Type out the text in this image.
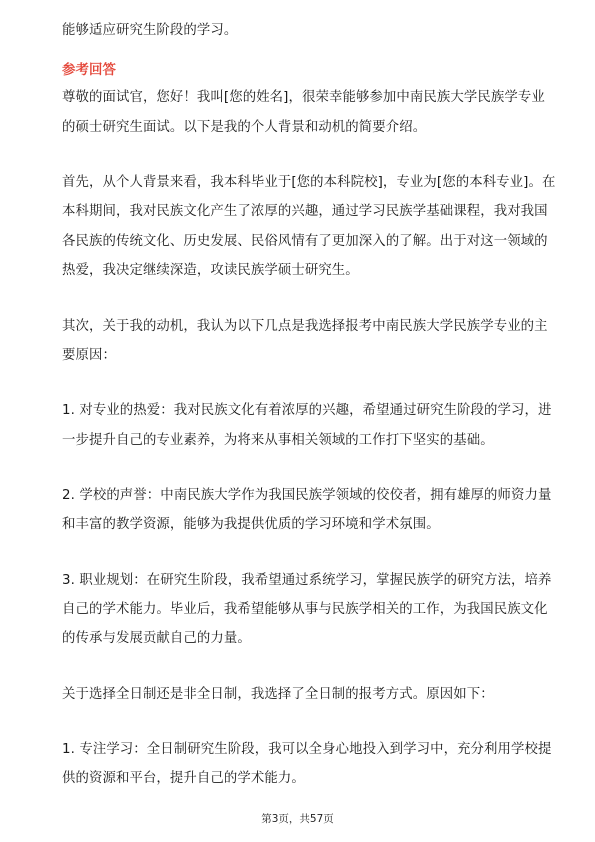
能够适应研究生阶段的学习。
参考回答
尊敬的面试官，您好！我叫[您的姓名]，很荣幸能够参加中南民族大学民族学专业
的硕士研究生面试。以下是我的个人背景和动机的简要介绍。
首先，从个人背景来看，我本科毕业于[您的本科院校]，专业为[您的本科专业]。在
本科期间，我对民族文化产生了浓厚的兴趣，通过学习民族学基础课程，我对我国
各民族的传统文化、历史发展、民俗风情有了更加深入的了解。出于对这一领域的
热爱，我决定继续深造，攻读民族学硕士研究生。
其次，关于我的动机，我认为以下几点是我选择报考中南民族大学民族学专业的主
要原因：
1. 对专业的热爱：我对民族文化有着浓厚的兴趣，希望通过研究生阶段的学习，进
一步提升自己的专业素养，为将来从事相关领域的工作打下坚实的基础。
2. 学校的声誉：中南民族大学作为我国民族学领域的佼佼者，拥有雄厚的师资力量
和丰富的教学资源，能够为我提供优质的学习环境和学术氛围。
3. 职业规划：在研究生阶段，我希望通过系统学习，掌握民族学的研究方法，培养
自己的学术能力。毕业后，我希望能够从事与民族学相关的工作，为我国民族文化
的传承与发展贡献自己的力量。
关于选择全日制还是非全日制，我选择了全日制的报考方式。原因如下：
1. 专注学习：全日制研究生阶段，我可以全身心地投入到学习中，充分利用学校提
供的资源和平台，提升自己的学术能力。
第3页，共57页
